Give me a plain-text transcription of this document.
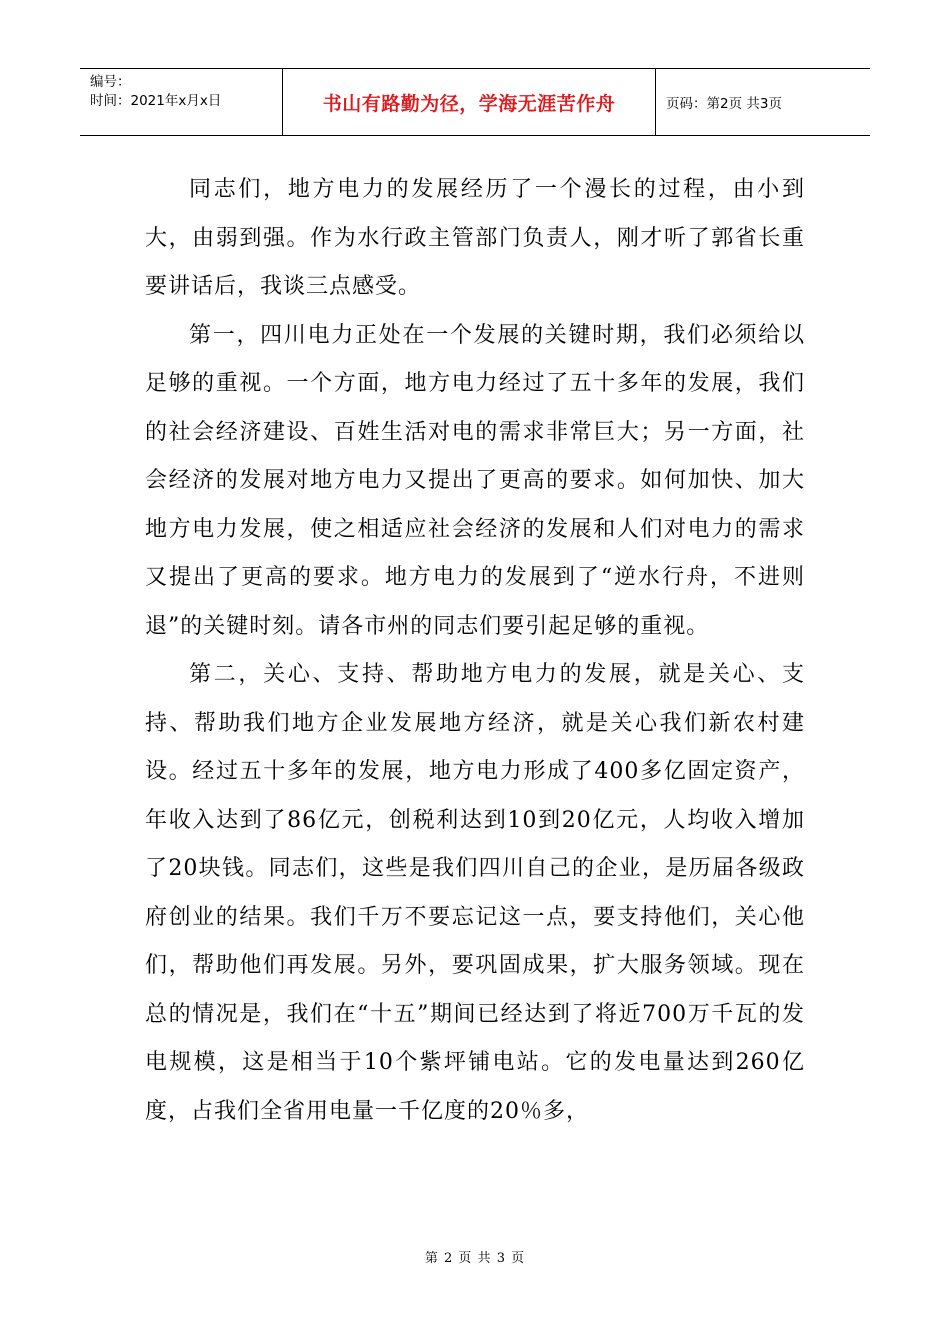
编号：
时间：2021年x月x日	书山有路勤为径，学海无涯苦作舟	页码：第2页 共3页

同志们，地方电力的发展经历了一个漫长的过程，由小到大，由弱到强。作为水行政主管部门负责人，刚才听了郭省长重要讲话后，我谈三点感受。

第一，四川电力正处在一个发展的关键时期，我们必须给以足够的重视。一个方面，地方电力经过了五十多年的发展，我们的社会经济建设、百姓生活对电的需求非常巨大；另一方面，社会经济的发展对地方电力又提出了更高的要求。如何加快、加大地方电力发展，使之相适应社会经济的发展和人们对电力的需求又提出了更高的要求。地方电力的发展到了“逆水行舟，不进则退”的关键时刻。请各市州的同志们要引起足够的重视。

第二，关心、支持、帮助地方电力的发展，就是关心、支持、帮助我们地方企业发展地方经济，就是关心我们新农村建设。经过五十多年的发展，地方电力形成了400多亿固定资产，年收入达到了86亿元，创税利达到10到20亿元，人均收入增加了20块钱。同志们，这些是我们四川自己的企业，是历届各级政府创业的结果。我们千万不要忘记这一点，要支持他们，关心他们，帮助他们再发展。另外，要巩固成果，扩大服务领域。现在总的情况是，我们在“十五”期间已经达到了将近700万千瓦的发电规模，这是相当于10个紫坪铺电站。它的发电量达到260亿度，占我们全省用电量一千亿度的20％多，

第 2 页 共 3 页
